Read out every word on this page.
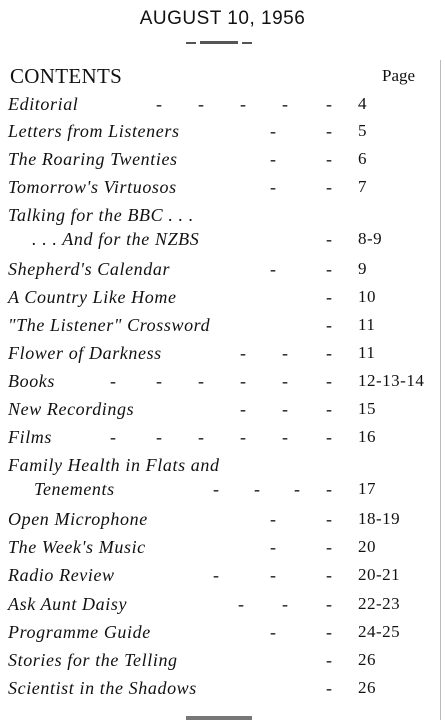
AUGUST 10, 1956
CONTENTS	Page
Editorial	- - - - - 4
Letters from Listeners	-	- 5
The Roaring Twenties	-	- 6
Tomorrow's Virtuosos	-	- 7
Talking for the BBC . . .
. . . And for the NZBS	- 8-9
Shepherd's Calendar	-	- 9
A Country Like Home	- 10
"The Listener" Crossword	- 11
Flower of Darkness	- - - 11
Books	- - - - - - 12-13-14
New Recordings	- - - 15
Films	- - - - - - 16
Family Health in Flats and
Tenements	- - - - 17
Open Microphone	-	- 18-19
The Week's Music	-	- 20
Radio Review	-	-	- 20-21
Ask Aunt Daisy	- - - 22-23
Programme Guide	-	- 24-25
Stories for the Telling	- 26
Scientist in the Shadows	- 26
